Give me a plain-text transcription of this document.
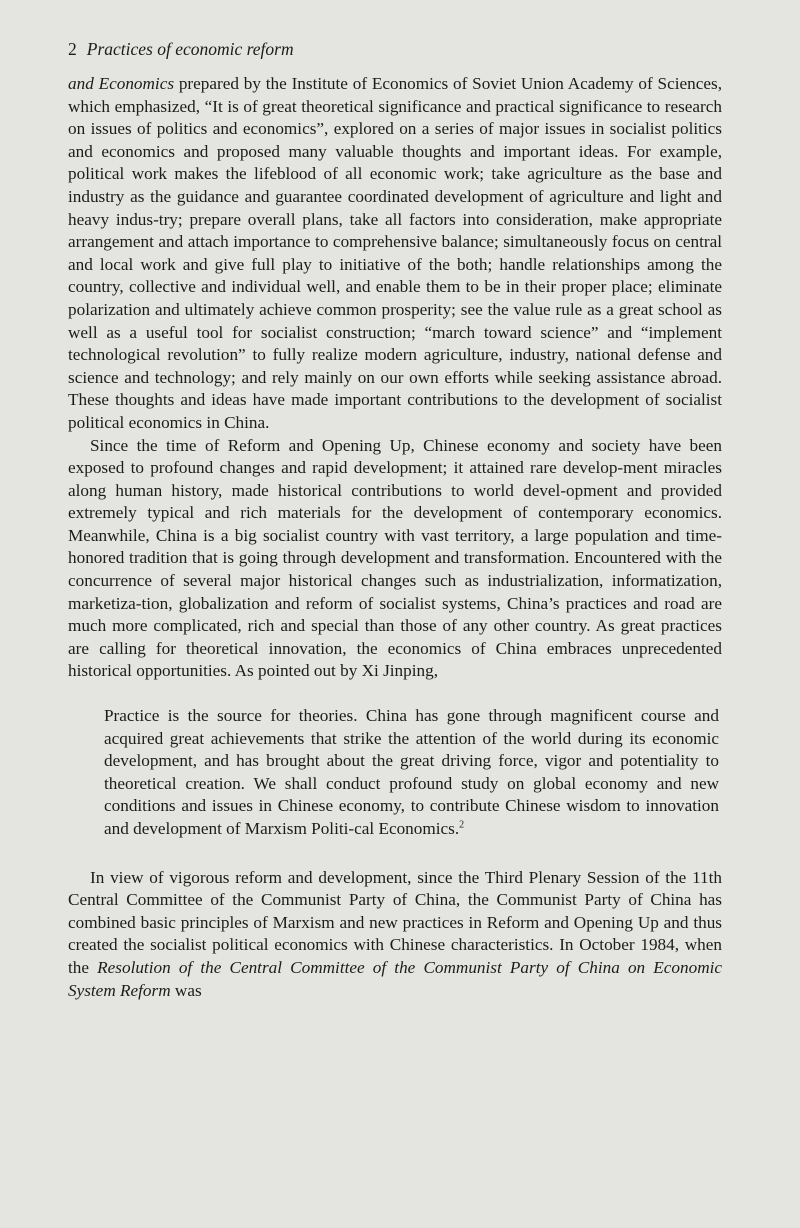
2 Practices of economic reform

and Economics prepared by the Institute of Economics of Soviet Union Academy of Sciences, which emphasized, “It is of great theoretical significance and practical significance to research on issues of politics and economics”, explored on a series of major issues in socialist politics and economics and proposed many valuable thoughts and important ideas. For example, political work makes the lifeblood of all economic work; take agriculture as the base and industry as the guidance and guarantee coordinated development of agriculture and light and heavy indus-try; prepare overall plans, take all factors into consideration, make appropriate arrangement and attach importance to comprehensive balance; simultaneously focus on central and local work and give full play to initiative of the both; handle relationships among the country, collective and individual well, and enable them to be in their proper place; eliminate polarization and ultimately achieve common prosperity; see the value rule as a great school as well as a useful tool for socialist construction; “march toward science” and “implement technological revolution” to fully realize modern agriculture, industry, national defense and science and technology; and rely mainly on our own efforts while seeking assistance abroad. These thoughts and ideas have made important contributions to the development of socialist political economics in China.

Since the time of Reform and Opening Up, Chinese economy and society have been exposed to profound changes and rapid development; it attained rare develop-ment miracles along human history, made historical contributions to world devel-opment and provided extremely typical and rich materials for the development of contemporary economics. Meanwhile, China is a big socialist country with vast territory, a large population and time-honored tradition that is going through development and transformation. Encountered with the concurrence of several major historical changes such as industrialization, informatization, marketiza-tion, globalization and reform of socialist systems, China’s practices and road are much more complicated, rich and special than those of any other country. As great practices are calling for theoretical innovation, the economics of China embraces unprecedented historical opportunities. As pointed out by Xi Jinping,

Practice is the source for theories. China has gone through magnificent course and acquired great achievements that strike the attention of the world during its economic development, and has brought about the great driving force, vigor and potentiality to theoretical creation. We shall conduct profound study on global economy and new conditions and issues in Chinese economy, to contribute Chinese wisdom to innovation and development of Marxism Politi-cal Economics.$^2$

In view of vigorous reform and development, since the Third Plenary Session of the 11th Central Committee of the Communist Party of China, the Communist Party of China has combined basic principles of Marxism and new practices in Reform and Opening Up and thus created the socialist political economics with Chinese characteristics. In October 1984, when the Resolution of the Central Committee of the Communist Party of China on Economic System Reform was
